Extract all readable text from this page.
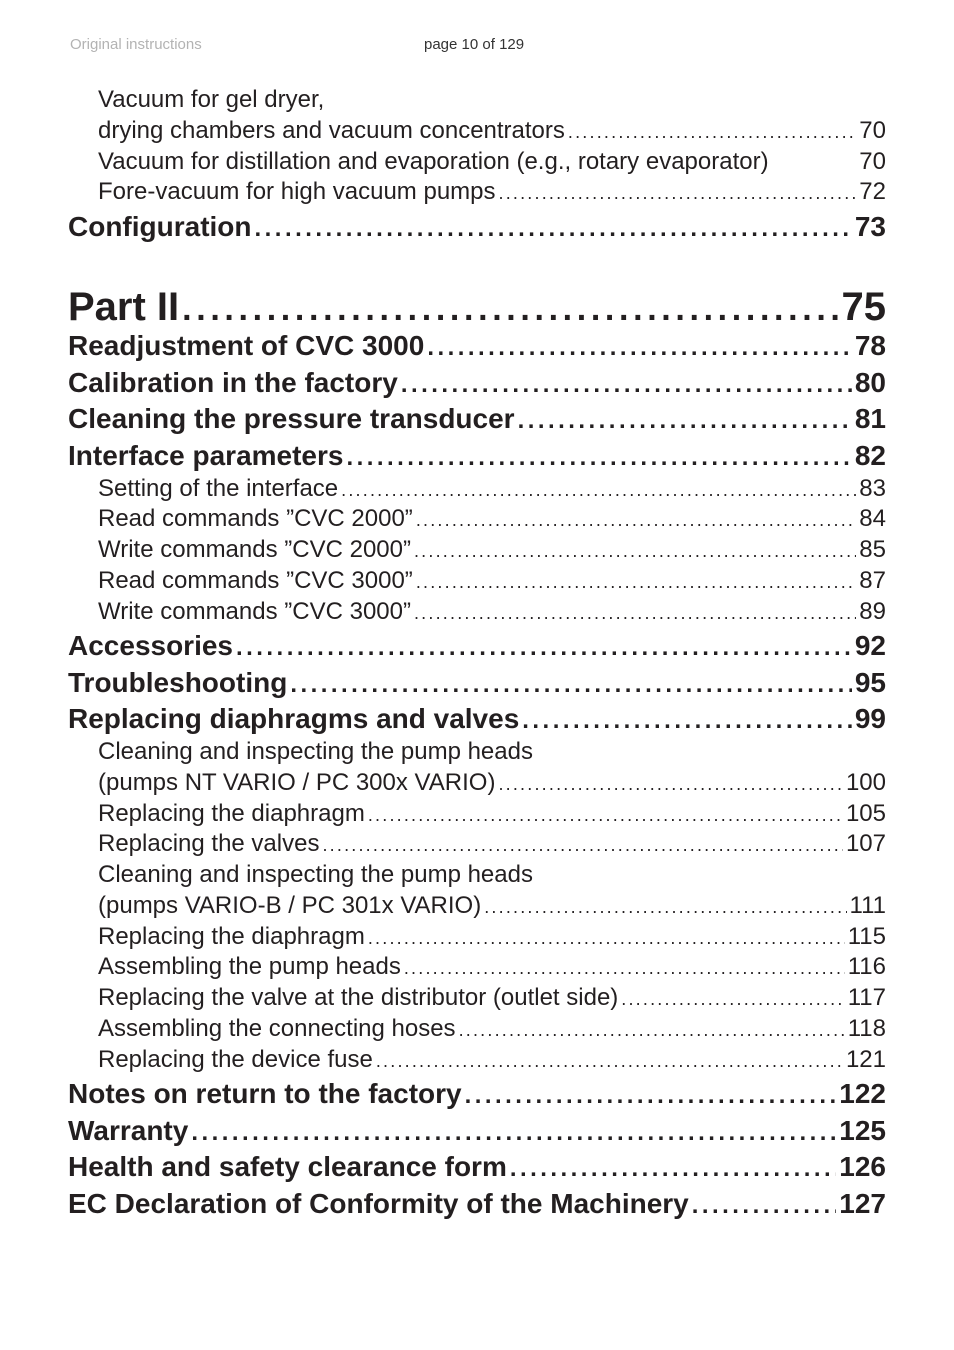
Original instructions	page 10 of 129
Vacuum for gel dryer,
drying chambers and vacuum concentrators . . .	70
Vacuum for distillation and evaporation (e.g., rotary evaporator)	70
Fore-vacuum for high vacuum pumps . . .	72
Configuration . . .	73
Part II . . .	75
Readjustment of CVC 3000 . . .	78
Calibration in the factory . . .	80
Cleaning the pressure transducer . . .	81
Interface parameters . . .	82
Setting of the interface . . .	83
Read commands ”CVC 2000” . . .	84
Write commands ”CVC 2000” . . .	85
Read commands ”CVC 3000” . . .	87
Write commands ”CVC 3000” . . .	89
Accessories . . .	92
Troubleshooting . . .	95
Replacing diaphragms and valves . . .	99
Cleaning and inspecting the pump heads
(pumps NT VARIO / PC 300x VARIO) . . .	100
Replacing the diaphragm . . .	105
Replacing the valves . . .	107
Cleaning and inspecting the pump heads
(pumps VARIO-B / PC 301x VARIO) . . .	111
Replacing the diaphragm . . .	115
Assembling the pump heads . . .	116
Replacing the valve at the distributor (outlet side) . . .	117
Assembling the connecting hoses . . .	118
Replacing the device fuse . . .	121
Notes on return to the factory . . .	122
Warranty . . .	125
Health and safety clearance form . . .	126
EC Declaration of Conformity of the Machinery . . .	127
